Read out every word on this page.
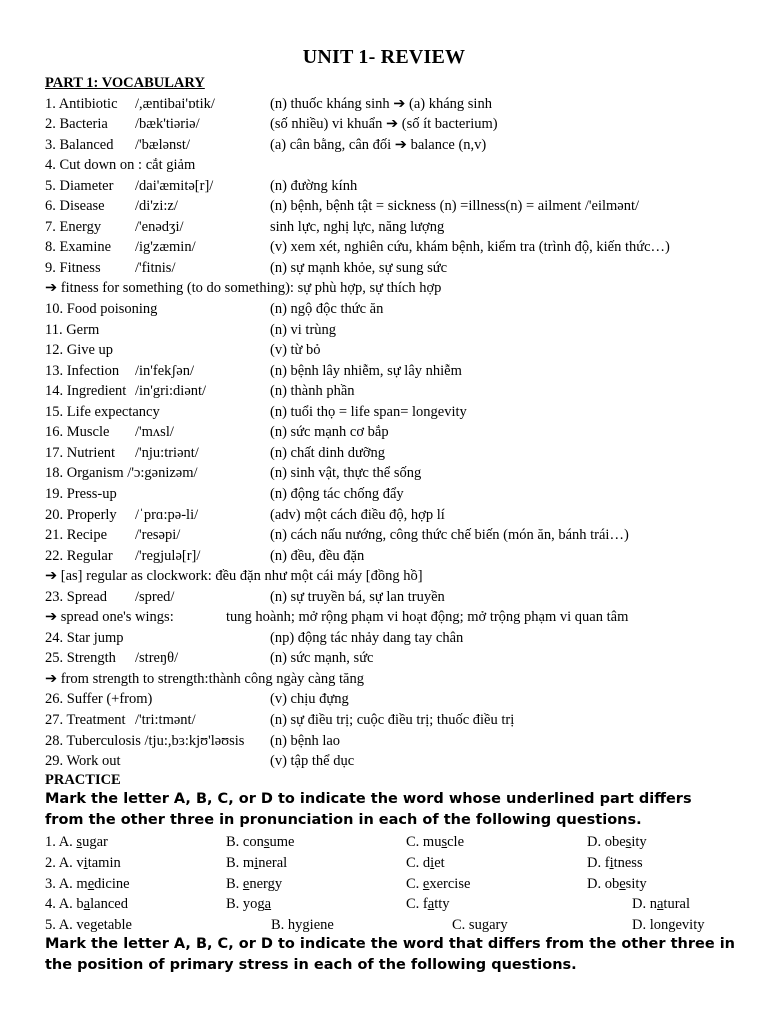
UNIT 1- REVIEW
PART 1: VOCABULARY
1. Antibiotic /,æntibai'ɒtik/	(n) thuốc kháng sinh ➔ (a) kháng sinh
2. Bacteria /bæk'tiəriə/	(số nhiều) vi khuẩn ➔ (số ít bacterium)
3. Balanced /'bælənst/	(a) cân bằng, cân đối ➔ balance (n,v)
4. Cut down on : cắt giảm
5. Diameter /dai'æmitə[r]/	(n) đường kính
6. Disease /di'zi:z/	(n) bệnh, bệnh tật = sickness (n) =illness(n) = ailment /'eilmənt/
7. Energy /'enədʒi/	sinh lực, nghị lực, năng lượng
8. Examine /ig'zæmin/	(v) xem xét, nghiên cứu, khám bệnh, kiểm tra (trình độ, kiến thức…)
9. Fitness /'fitnis/	(n) sự mạnh khỏe, sự sung sức
➔ fitness for something (to do something): sự phù hợp, sự thích hợp
10. Food poisoning	(n) ngộ độc thức ăn
11. Germ	(n) vi trùng
12. Give up	(v) từ bỏ
13. Infection /in'fekʃən/	(n) bệnh lây nhiễm, sự lây nhiễm
14. Ingredient /in'gri:diənt/	(n) thành phần
15. Life expectancy	(n) tuổi thọ = life span= longevity
16. Muscle /'mʌsl/	(n) sức mạnh cơ bắp
17. Nutrient /'nju:triənt/	(n) chất dinh dưỡng
18. Organism /'ɔ:gənizəm/	(n) sinh vật, thực thể sống
19. Press-up	(n) động tác chống đẩy
20. Properly /ˈprɑ:pə-li/	(adv) một cách điều độ, hợp lí
21. Recipe /'resəpi/	(n) cách nấu nướng, công thức chế biến (món ăn, bánh trái…)
22. Regular /'regjulə[r]/	(n) đều, đều đặn
➔ [as] regular as clockwork: đều đặn như một cái máy [đồng hồ]
23. Spread /spred/	(n) sự truyền bá, sự lan truyền
➔ spread one's wings:	tung hoành; mở rộng phạm vi hoạt động; mở trộng phạm vi quan tâm
24. Star jump	(np) động tác nhảy dang tay chân
25. Strength /streŋθ/	(n) sức mạnh, sức
➔ from strength to strength:thành công ngày càng tăng
26. Suffer (+from)	(v) chịu đựng
27. Treatment /'tri:tmənt/	(n) sự điều trị; cuộc điều trị; thuốc điều trị
28. Tuberculosis /tju:,bɜ:kjʊ'ləʊsis (n) bệnh lao
29. Work out	(v) tập thể dục
PRACTICE
Mark the letter A, B, C, or D to indicate the word whose underlined part differs from the other three in pronunciation in each of the following questions.
1. A. sugar	B. consume	C. muscle	D. obesity
2. A. vitamin	B. mineral	C. diet	D. fitness
3. A. medicine	B. energy	C. exercise	D. obesity
4. A. balanced	B. yoga	C. fatty	D. natural
5. A. vegetable	B. hygiene	C. sugary	D. longevity
Mark the letter A, B, C, or D to indicate the word that differs from the other three in the position of primary stress in each of the following questions.
